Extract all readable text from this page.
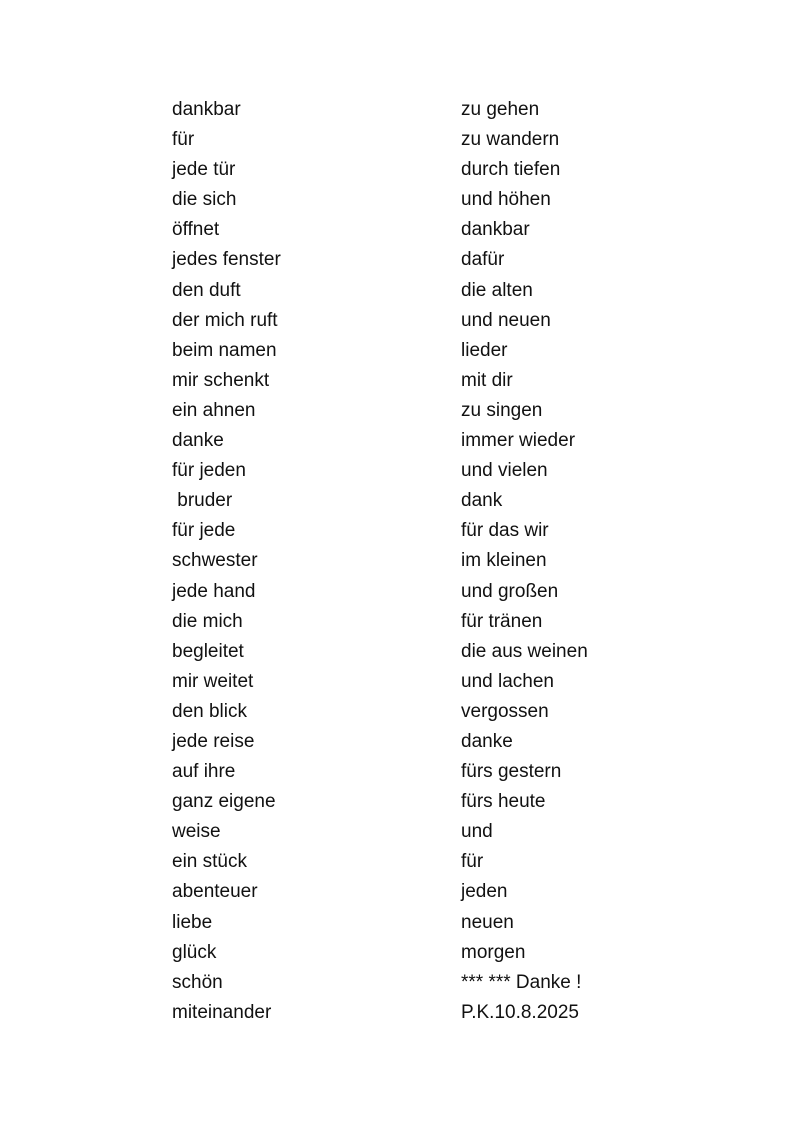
dankbar
für
jede tür
die sich
öffnet
jedes fenster
den duft
der mich ruft
beim namen
mir schenkt
ein ahnen
danke
für jeden
bruder
für jede
schwester
jede hand
die mich
begleitet
mir weitet
den blick
jede reise
auf ihre
ganz eigene
weise
ein stück
abenteuer
liebe
glück
schön
miteinander
zu gehen
zu wandern
durch tiefen
und höhen
dankbar
dafür
die alten
und neuen
lieder
mit dir
zu singen
immer wieder
und vielen
dank
für das wir
im kleinen
und großen
für tränen
die aus weinen
und lachen
vergossen
danke
fürs gestern
fürs heute
und
für
jeden
neuen
morgen
*** *** Danke !
P.K.10.8.2025
